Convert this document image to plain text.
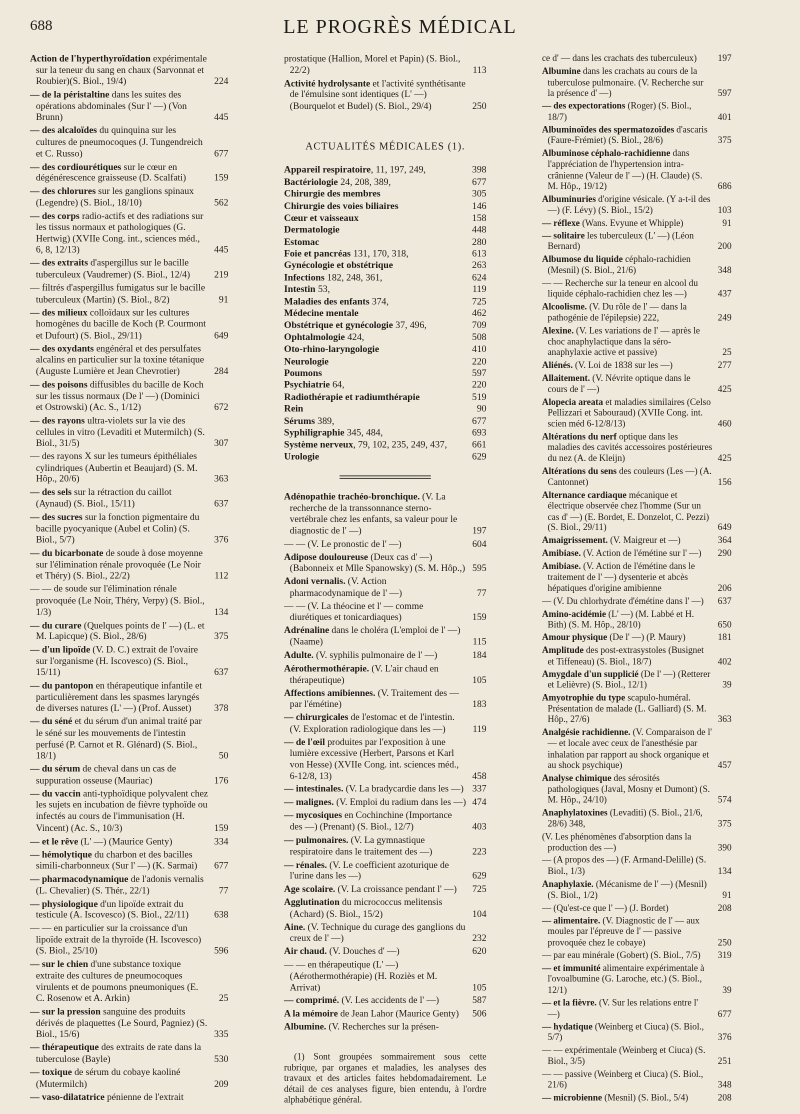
688	LE PROGRÈS MÉDICAL
Action de l'hyperthyroïdation expérimentale sur la teneur du sang en chaux (Sarvonnat et Roubier)(S. Biol., 19/4)	224
— de la péristaltine dans les suites des opérations abdominales (Sur l' —) (Von Brunn)	445
— des alcaloïdes du quinquina sur les cultures de pneumocoques (J. Tungendreich et C. Russo)	677
— des cordiourétiques sur le cœur en dégénérescence graisseuse (D. Scalfati)	159
— des chlorures sur les ganglions spinaux (Legendre) (S. Biol., 18/10)	562
— des corps radio-actifs et des radiations sur les tissus normaux et pathologiques (G. Hertwig) (XVIIe Cong. int., sciences méd., 6, 8, 12/13)	445
— des extraits d'aspergillus sur le bacille tuberculeux (Vaudremer) (S. Biol., 12/4)	219
— filtrés d'aspergillus fumigatus sur le bacille tuberculeux (Martin) (S. Biol., 8/2)	91
— des milieux colloïdaux sur les cultures homogènes du bacille de Koch (P. Courmont et Dufourt) (S. Biol., 29/11)	649
— des oxydants engénéral et des persulfates alcalins en particulier sur la toxine tétanique (Auguste Lumière et Jean Chevrotier)	284
— des poisons diffusibles du bacille de Koch sur les tissus normaux (De l' —) (Dominici et Ostrowski) (Ac. S., 1/12)	672
— des rayons ultra-violets sur la vie des cellules in vitro (Levaditi et Mutermilch) (S. Biol., 31/5)	307
— des rayons X sur les tumeurs épithéliales cylindriques (Aubertin et Beaujard) (S. M. Hôp., 20/6)	363
— des sels sur la rétraction du caillot (Aynaud) (S. Biol., 15/11)	637
— des sucres sur la fonction pigmentaire du bacille pyocyanique (Aubel et Colin) (S. Biol., 5/7)	376
— du bicarbonate de soude à dose moyenne sur l'élimination rénale provoquée (Le Noir et Théry) (S. Biol., 22/2)	112
— — de soude sur l'élimination rénale provoquée (Le Noir, Théry, Verpy) (S. Biol., 1/3)	134
— du curare (Quelques points de l' —) (L. et M. Lapicque) (S. Biol., 28/6)	375
— d'un lipoïde (V. D. C.) extrait de l'ovaire sur l'organisme (H. Iscovesco) (S. Biol., 15/11)	637
— du pantopon en thérapeutique infantile et particulièrement dans les spasmes laryngés de diverses natures (L' —) (Prof. Ausset)	378
— du séné et du sérum d'un animal traité par le séné sur les mouvements de l'intestin perfusé (P. Carnot et R. Glénard) (S. Biol., 18/1)	50
— du sérum de cheval dans un cas de suppuration osseuse (Mauriac)	176
— du vaccin anti-typhoïdique polyvalent chez les sujets en incubation de fièvre typhoïde ou infectés au cours de l'immunisation (H. Vincent) (Ac. S., 10/3)	159
— et le rêve (L' —) (Maurice Genty)	334
— hémolytique du charbon et des bacilles simili-charbonneux (Sur l' —) (K. Sarmai)	677
— pharmacodynamique de l'adonis vernalis (L. Chevalier) (S. Thér., 22/1)	77
— physiologique d'un lipoïde extrait du testicule (A. Iscovesco) (S. Biol., 22/11)	638
— — en particulier sur la croissance d'un lipoïde extrait de la thyroïde (H. Iscovesco) (S. Biol., 25/10)	596
— sur le chien d'une substance toxique extraite des cultures de pneumocoques virulents et de poumons pneumoniques (E. C. Rosenow et A. Arkin)	25
— sur la pression sanguine des produits dérivés de plaquettes (Le Sourd, Pagniez) (S. Biol., 15/6)	335
— thérapeutique des extraits de rate dans la tuberculose (Bayle)	530
— toxique de sérum du cobaye kaoliné (Mutermilch)	209
— vaso-dilatatrice pénienne de l'extrait
prostatique (Hallion, Morel et Papin) (S. Biol., 22/2)	113
Activité hydrolysante et l'activité synthétisante de l'émulsine sont identiques (L' —) (Bourquelot et Budel) (S. Biol., 29/4)	250
ACTUALITÉS MÉDICALES (1).
Appareil respiratoire, 11, 197, 249,	398
Bactériologie 24, 208, 389,	677
Chirurgie des membres	305
Chirurgie des voies biliaires	146
Cœur et vaisseaux	158
Dermatologie	448
Estomac	280
Foie et pancréas 131, 170, 318,	613
Gynécologie et obstétrique	263
Infections 182, 248, 361,	624
Intestin 53,	119
Maladies des enfants 374,	725
Médecine mentale	462
Obstétrique et gynécologie 37, 496,	709
Ophtalmologie 424,	508
Oto-rhino-laryngologie	410
Neurologie	220
Poumons	597
Psychiatrie 64,	220
Radiothérapie et radiumthérapie	519
Rein	90
Sérums 389,	677
Syphiligraphie 345, 484,	693
Système nerveux, 79, 102, 235, 249, 437,	661
Urologie	629
Adénopathie trachéo-bronchique. (V. La recherche de la transsonnance sterno-vertébrale chez les enfants, sa valeur pour le diagnostic de l' —)	197
— — (V. Le pronostic de l' —)	604
Adipose douloureuse (Deux cas d' —) (Babonneix et Mlle Spanowsky) (S. M. Hôp.,) 595
Adoni vernalis. (V. Action pharmacodynamique de l' —)	77
— — (V. La théocine et l' — comme diurétiques et tonicardiaques)	159
Adrénaline dans le choléra (L'emploi de l' —) (Naame)	115
Adulte. (V. syphilis pulmonaire de l' —)	184
Aérothermothérapie. (V. L'air chaud en thérapeutique)	105
Affections amibiennes. (V. Traitement des — par l'émétine)	183
— chirurgicales de l'estomac et de l'intestin. (V. Exploration radiologique dans les —)	119
— de l'œil produites par l'exposition à une lumière excessive (Herbert, Parsons et Karl von Hesse) (XVIIe Cong. int. sciences méd., 6-12/8, 13)	458
— intestinales. (V. La bradycardie dans les —) 337
— malignes. (V. Emploi du radium dans les —) 474
— mycosiques en Cochinchine (Importance des —) (Prenant) (S. Biol., 12/7)	403
— pulmonaires. (V. La gymnastique respiratoire dans le traitement des —)	223
— rénales. (V. Le coefficient azoturique de l'urine dans les —)	629
Age scolaire. (V. La croissance pendant l' —)	725
Agglutination du micrococcus melitensis (Achard) (S. Biol., 15/2)	104
Aine. (V. Technique du curage des ganglions du creux de l' —)	232
Air chaud. (V. Douches d' —)	620
— — en thérapeutique (L' —) (Aérothermothérapie) (H. Roziès et M. Arrivat)	105
— comprimé. (V. Les accidents de l' —)	587
A la mémoire de Jean Lahor (Maurice Genty)	506
Albumine. (V. Recherches sur la présen-
(1) Sont groupées sommairement sous cette rubrique, par organes et maladies, les analyses des travaux et des articles faites hebdomadairement. Le détail de ces analyses figure, bien entendu, à l'ordre alphabétique général.
ce d' — dans les crachats des tuberculeux)	197
Albumine dans les crachats au cours de la tuberculose pulmonaire. (V. Recherche sur la présence d' —)	597
— des expectorations (Roger) (S. Biol., 18/7)	401
Albuminoïdes des spermatozoïdes d'ascaris (Faure-Frémiet) (S. Biol., 28/6)	375
Albuminose céphalo-rachidienne dans l'appréciation de l'hypertension intra-crânienne (Valeur de l' —) (H. Claude) (S. M. Hôp., 19/12)	686
Albuminuries d'origine vésicale. (Y a-t-il des —) (F. Lévy) (S. Biol., 15/2)	103
— réflexe (Wans. Evyune et Whipple)	91
— solitaire les tuberculeux (L' —) (Léon Bernard)	200
Albumose du liquide céphalo-rachidien (Mesnil) (S. Biol., 21/6)	348
— — Recherche sur la teneur en alcool du liquide céphalo-rachidien chez les —)	437
Alcoolisme. (V. Du rôle de l' — dans la pathogénie de l'épilepsie) 222,	249
Alexine. (V. Les variations de l' — après le choc anaphylactique dans la séro-anaphylaxie active et passive)	25
Aliénés. (V. Loi de 1838 sur les —)	277
Allaitement. (V. Névrite optique dans le cours de l' —)	425
Alopecia areata et maladies similaires (Celso Pellizzari et Sabouraud) (XVIIe Cong. int. scien méd 6-12/8/13)	460
Altérations du nerf optique dans les maladies des cavités accessoires postérieures du nez (A. de Kleijn)	425
Altérations du sens des couleurs (Les —) (A. Cantonnet)	156
Alternance cardiaque mécanique et électrique observée chez l'homme (Sur un cas d' —) (E. Bordet, E. Donzelot, C. Pezzi) (S. Biol., 29/11)	649
Amaigrissement. (V. Maigreur et —)	364
Amibiase. (V. Action de l'émétine sur l' —)	290
Amibiase. (V. Action de l'émétine dans le traitement de l' —) dysenterie et abcès hépatiques d'origine amibienne	206
— (V. Du chlorhydrate d'émétine dans l' —)	637
Amino-acidémie (L' —) (M. Labbé et H. Bith) (S. M. Hôp., 28/10)	650
Amour physique (De l' —) (P. Maury)	181
Amplitude des post-extrasystoles (Busignet et Tiffeneau) (S. Biol., 18/7)	402
Amygdale d'un supplicié (De l' —) (Retterer et Lelièvre) (S. Biol., 12/1)	39
Amyotrophie du type scapulo-huméral. Présentation de malade (L. Galliard) (S. M. Hôp., 27/6)	363
Analgésie rachidienne. (V. Comparaison de l' — et locale avec ceux de l'anesthésie par inhalation par rapport au shock organique et au shock psychique)	457
Analyse chimique des sérosités pathologiques (Javal, Mosny et Dumont) (S. M. Hôp., 24/10)	574
Anaphylatoxines (Levaditi) (S. Biol., 21/6, 28/6) 348,	375
(V. Les phénomènes d'absorption dans la production des —)	390
— (A propos des —) (F. Armand-Delille) (S. Biol., 1/3)	134
Anaphylaxie. (Mécanisme de l' —) (Mesnil) (S. Biol., 1/2)	91
— (Qu'est-ce que l' —) (J. Bordet)	208
— alimentaire. (V. Diagnostic de l' — aux moules par l'épreuve de l' — passive provoquée chez le cobaye)	250
— par eau minérale (Gobert) (S. Biol., 7/5)	319
— et immunité alimentaire expérimentale à l'ovoalbumine (G. Laroche, etc.) (S. Biol., 12/1)	39
— et la fièvre. (V. Sur les relations entre l' —)	677
— hydatique (Weinberg et Ciuca) (S. Biol., 5/7)	376
— — expérimentale (Weinberg et Ciuca) (S. Biol., 3/5)	251
— — passive (Weinberg et Ciuca) (S. Biol., 21/6)	348
— microbienne (Mesnil) (S. Biol., 5/4)	208
